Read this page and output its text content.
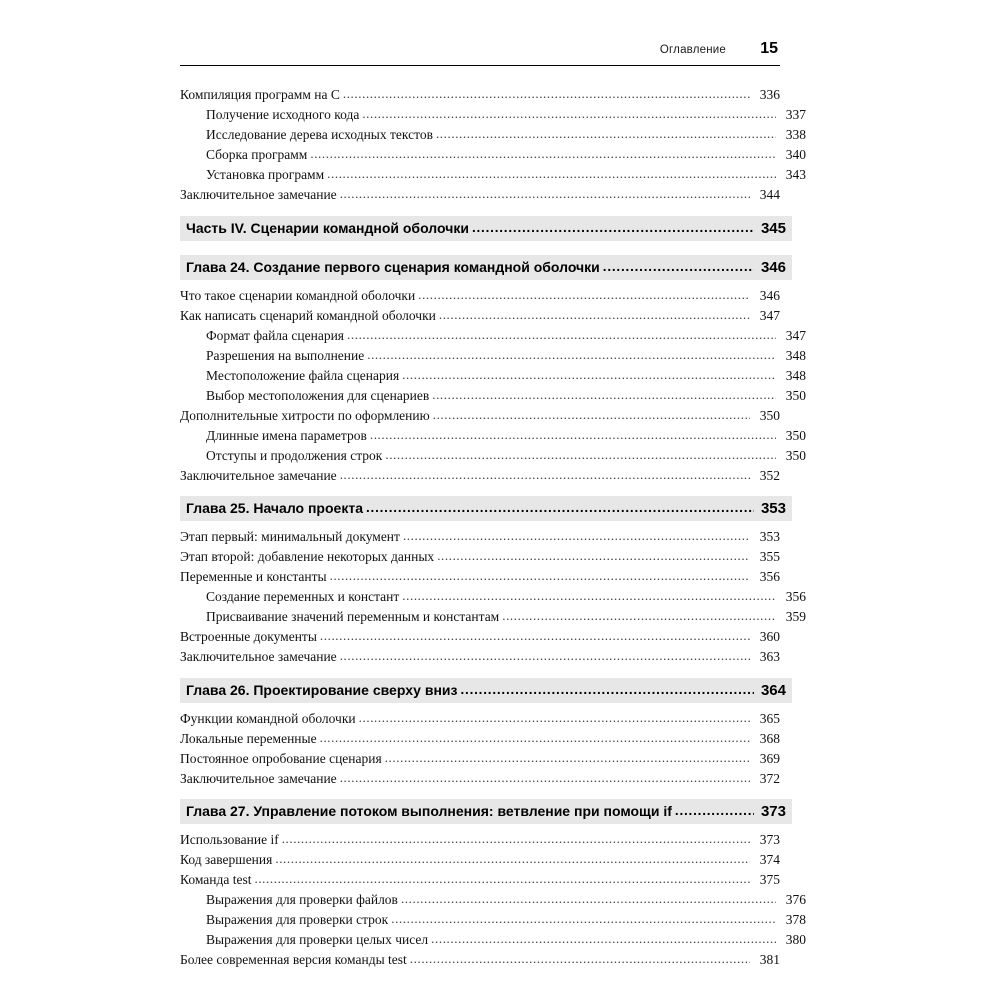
Оглавление 15
Компиляция программ на C .....	336
Получение исходного кода .....	337
Исследование дерева исходных текстов .....	338
Сборка программ .....	340
Установка программ .....	343
Заключительное замечание .....	344
Часть IV. Сценарии командной оболочки .....	345
Глава 24. Создание первого сценария командной оболочки .....	346
Что такое сценарии командной оболочки .....	346
Как написать сценарий командной оболочки .....	347
Формат файла сценария .....	347
Разрешения на выполнение .....	348
Местоположение файла сценария .....	348
Выбор местоположения для сценариев .....	350
Дополнительные хитрости по оформлению .....	350
Длинные имена параметров .....	350
Отступы и продолжения строк .....	350
Заключительное замечание .....	352
Глава 25. Начало проекта .....	353
Этап первый: минимальный документ .....	353
Этап второй: добавление некоторых данных .....	355
Переменные и константы .....	356
Создание переменных и констант .....	356
Присваивание значений переменным и константам .....	359
Встроенные документы .....	360
Заключительное замечание .....	363
Глава 26. Проектирование сверху вниз .....	364
Функции командной оболочки .....	365
Локальные переменные .....	368
Постоянное опробование сценария .....	369
Заключительное замечание .....	372
Глава 27. Управление потоком выполнения: ветвление при помощи if .....	373
Использование if .....	373
Код завершения .....	374
Команда test .....	375
Выражения для проверки файлов .....	376
Выражения для проверки строк .....	378
Выражения для проверки целых чисел .....	380
Более современная версия команды test .....	381
